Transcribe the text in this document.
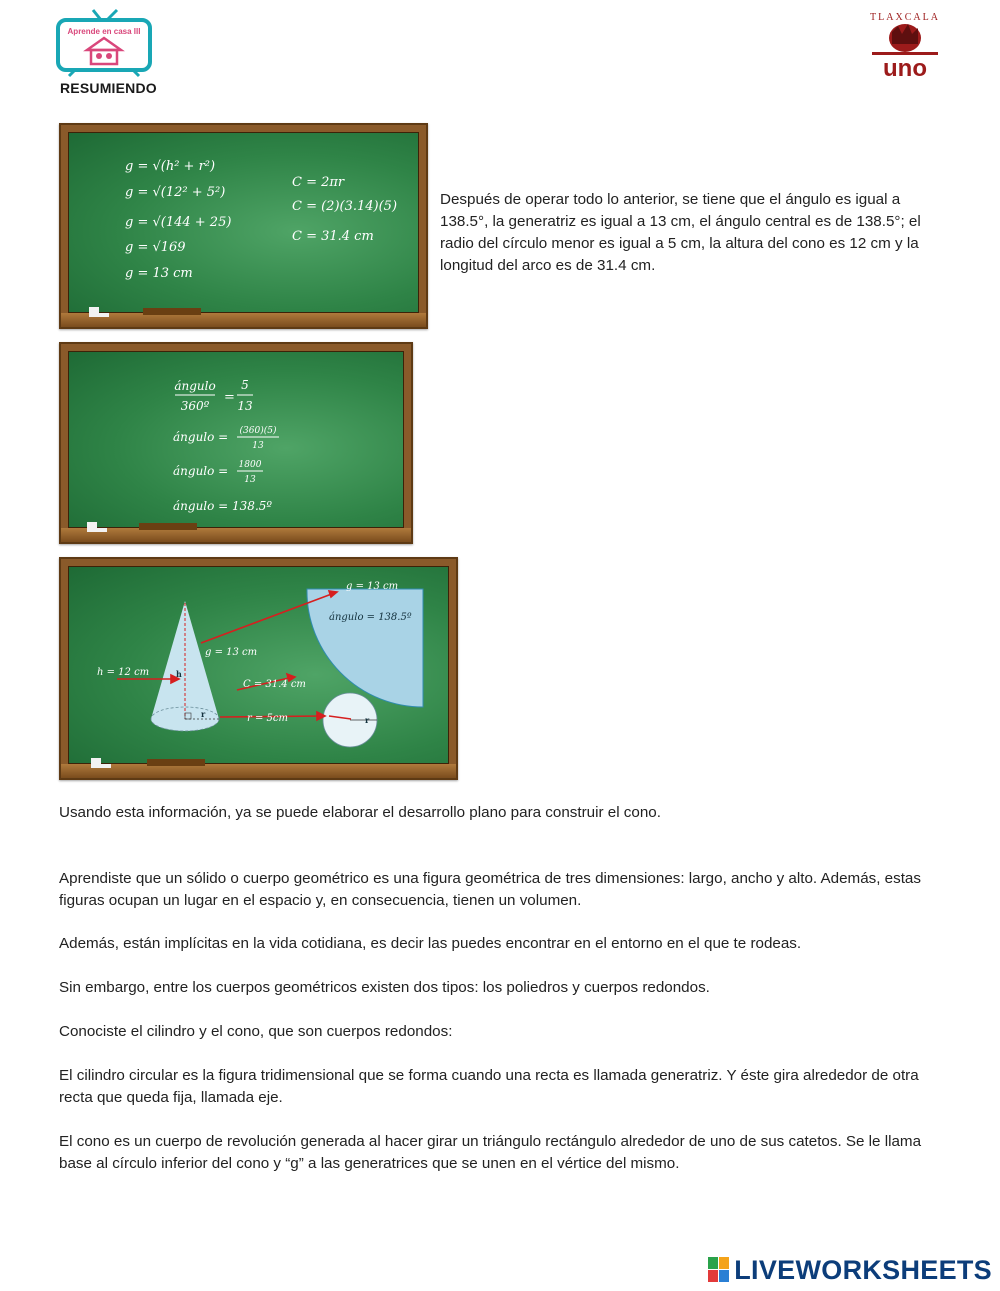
Aprende en casa III
TLAXCALA
uno
RESUMIENDO
g = √(h² + r²)
g = √(12² + 5²)
g = √(144 + 25)
g = √169
g = 13 cm
C = 2πr
C = (2)(3.14)(5)
C = 31.4 cm
Después de operar todo lo anterior, se tiene que el ángulo es igual a 138.5°, la generatriz es igual a 13 cm, el ángulo central es de 138.5°; el radio del círculo menor es igual a 5 cm, la altura del cono es 12 cm y la longitud del arco es de 31.4 cm.
ángulo
360º
=
5
13
ángulo = (360)(5)
13
ángulo = 1800
13
ángulo = 138.5º
g = 13 cm
ángulo = 138.5º
g = 13 cm
h = 12 cm	h
r
C = 31.4 cm
r = 5cm	r
Usando esta información, ya se puede elaborar el desarrollo plano para construir el cono.
Aprendiste que un sólido o cuerpo geométrico es una figura geométrica de tres dimensiones: largo, ancho y alto. Además, estas figuras ocupan un lugar en el espacio y, en consecuencia, tienen un volumen.
Además, están implícitas en la vida cotidiana, es decir las puedes encontrar en el entorno en el que te rodeas.
Sin embargo, entre los cuerpos geométricos existen dos tipos: los poliedros y cuerpos redondos.
Conociste el cilindro y el cono, que son cuerpos redondos:
El cilindro circular es la figura tridimensional que se forma cuando una recta es llamada generatriz. Y éste gira alrededor de otra recta que queda fija, llamada eje.
El cono es un cuerpo de revolución generada al hacer girar un triángulo rectángulo alrededor de uno de sus catetos. Se le llama base al círculo inferior del cono y “g” a las generatrices que se unen en el vértice del mismo.
LIVEWORKSHEETS
